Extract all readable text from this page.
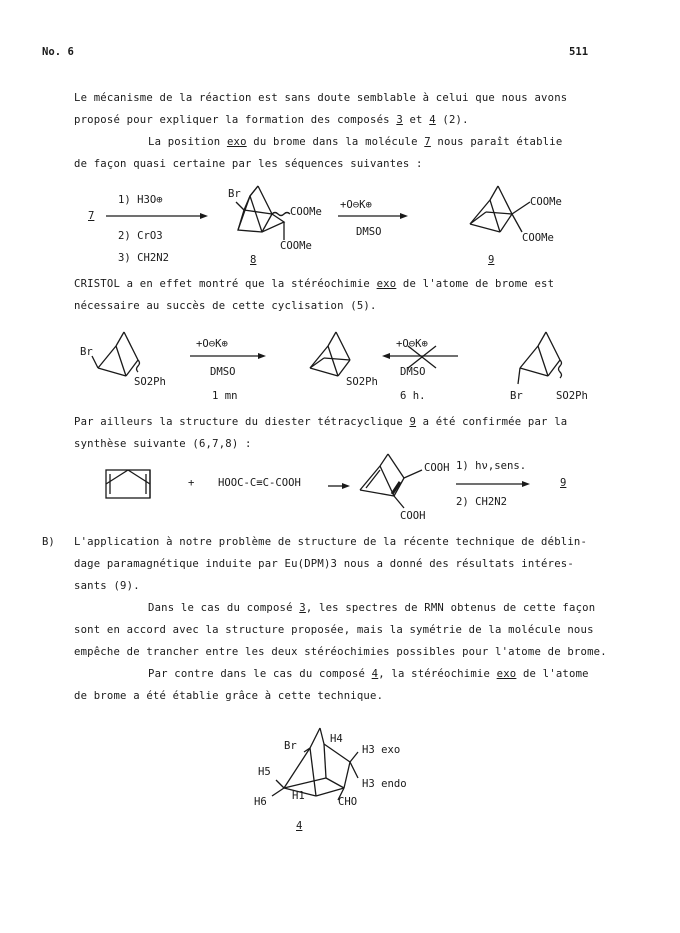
No. 6	511
Le mécanisme de la réaction est sans doute semblable à celui que nous avons
proposé pour expliquer la formation des composés 3 et 4 (2).
La position exo du brome dans la molécule 7 nous paraît établie
de façon quasi certaine par les séquences suivantes :
7
1) H3O⊕
2) CrO3
3) CH2N2
Br
COOMe
COOMe
8
+O⊖K⊕
DMSO
COOMe
COOMe
9
CRISTOL a en effet montré que la stéréochimie exo de l'atome de brome est
nécessaire au succès de cette cyclisation (5).
Br
SO2Ph
+O⊖K⊕
DMSO
1 mn
SO2Ph
+O⊖K⊕
DMSO
6 h.	Br	SO2Ph
Par ailleurs la structure du diester tétracyclique 9 a été confirmée par la
synthèse suivante (6,7,8) :
+ HOOC-C≡C-COOH
COOH
COOH
1) hν,sens.
2) CH2N2
9
B) L'application à notre problème de structure de la récente technique de déblin-
dage paramagnétique induite par Eu(DPM)3 nous a donné des résultats intéres-
sants (9).
Dans le cas du composé 3, les spectres de RMN obtenus de cette façon
sont en accord avec la structure proposée, mais la symétrie de la molécule nous
empêche de trancher entre les deux stéréochimies possibles pour l'atome de brome.
Par contre dans le cas du composé 4, la stéréochimie exo de l'atome
de brome a été établie grâce à cette technique.
Br
H4
H3 exo
H5
H3 endo
H6 H1	CHO
4
